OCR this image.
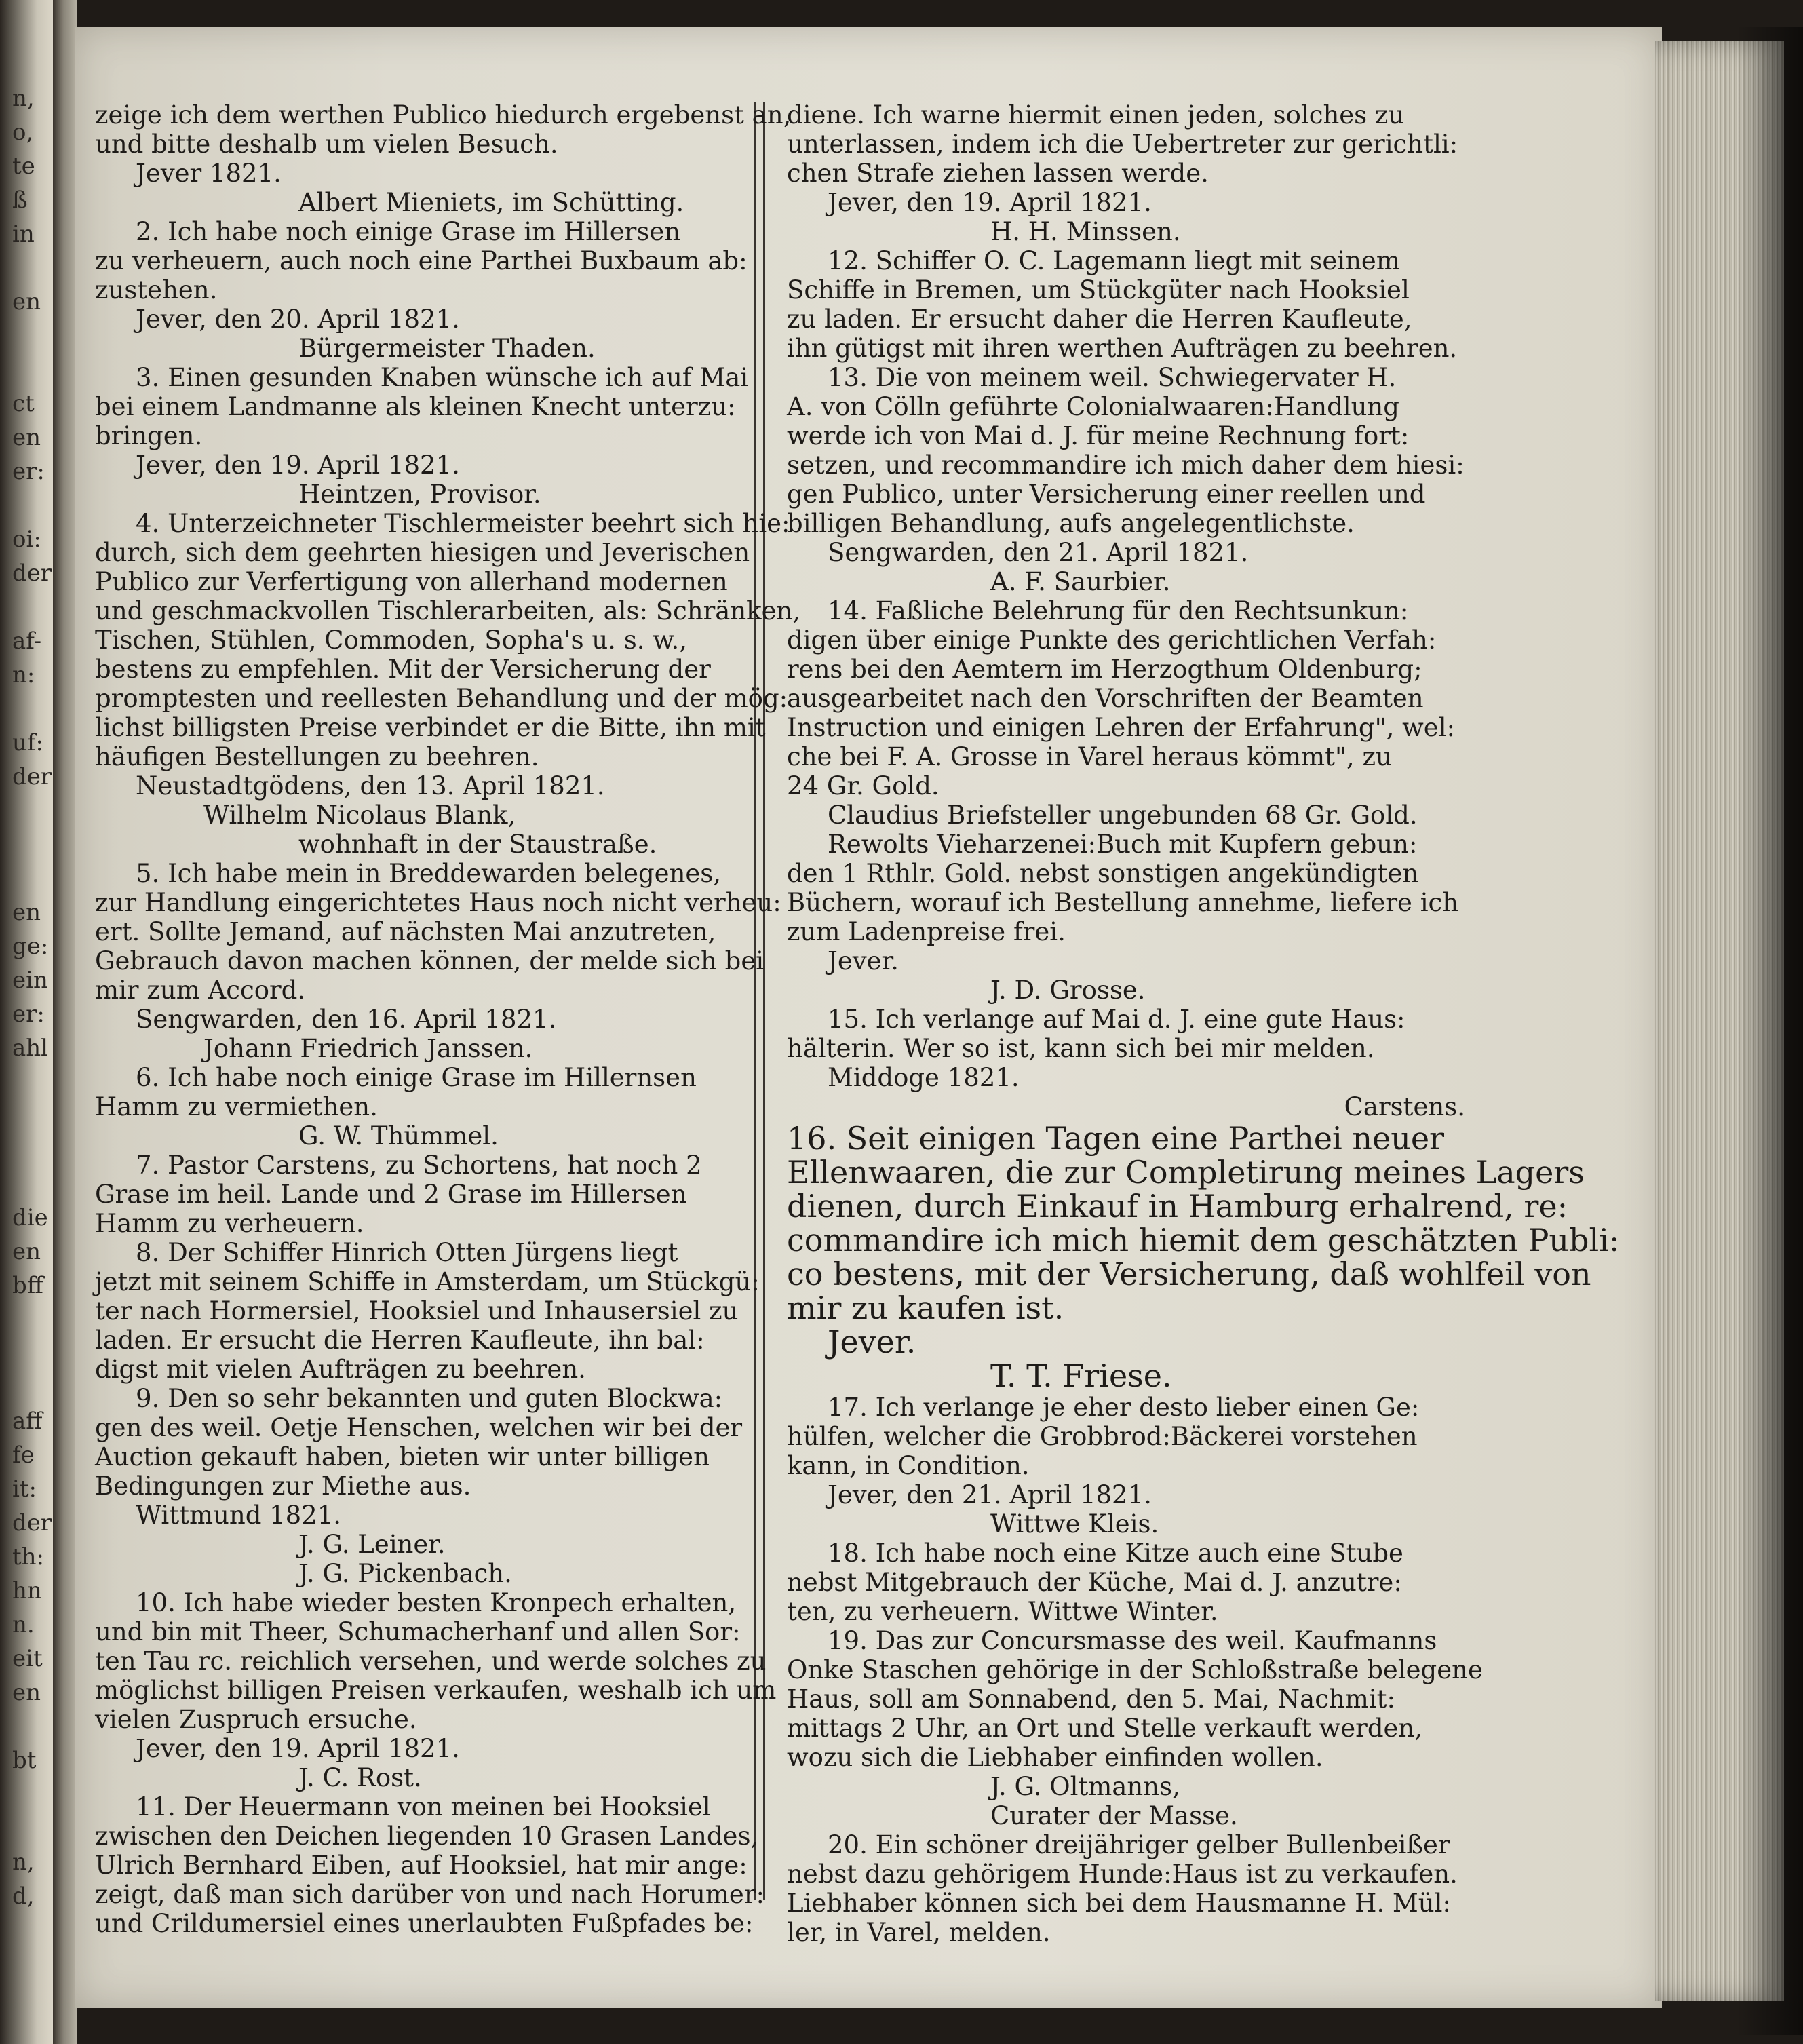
n,
o,
te
ß
in
en
ct
en
er:
oi:
der
af-
n:
uf:
der
en
ge:
ein
er:
ahl
die
en
bff
aff
fe
it:
der
th:
hn
n.
eit
en
bt
n,
d,

zeige ich dem werthen Publico hiedurch ergebenst an,

und bitte deshalb um vielen Besuch.

Jever 1821.

Albert Mieniets, im Schütting.

2. Ich habe noch einige Grase im Hillersen

zu verheuern, auch noch eine Parthei Buxbaum ab:

zustehen.

Jever, den 20. April 1821.

Bürgermeister Thaden.

3. Einen gesunden Knaben wünsche ich auf Mai

bei einem Landmanne als kleinen Knecht unterzu:

bringen.

Jever, den 19. April 1821.

Heintzen, Provisor.

4. Unterzeichneter Tischlermeister beehrt sich hie:

durch, sich dem geehrten hiesigen und Jeverischen

Publico zur Verfertigung von allerhand modernen

und geschmackvollen Tischlerarbeiten, als: Schränken,

Tischen, Stühlen, Commoden, Sopha's u. s. w.,

bestens zu empfehlen. Mit der Versicherung der

promptesten und reellesten Behandlung und der mög:

lichst billigsten Preise verbindet er die Bitte, ihn mit

häufigen Bestellungen zu beehren.

Neustadtgödens, den 13. April 1821.

Wilhelm Nicolaus Blank,

wohnhaft in der Staustraße.

5. Ich habe mein in Breddewarden belegenes,

zur Handlung eingerichtetes Haus noch nicht verheu:

ert. Sollte Jemand, auf nächsten Mai anzutreten,

Gebrauch davon machen können, der melde sich bei

mir zum Accord.

Sengwarden, den 16. April 1821.

Johann Friedrich Janssen.

6. Ich habe noch einige Grase im Hillernsen

Hamm zu vermiethen.

G. W. Thümmel.

7. Pastor Carstens, zu Schortens, hat noch 2

Grase im heil. Lande und 2 Grase im Hillersen

Hamm zu verheuern.

8. Der Schiffer Hinrich Otten Jürgens liegt

jetzt mit seinem Schiffe in Amsterdam, um Stückgü:

ter nach Hormersiel, Hooksiel und Inhausersiel zu

laden. Er ersucht die Herren Kaufleute, ihn bal:

digst mit vielen Aufträgen zu beehren.

9. Den so sehr bekannten und guten Blockwa:

gen des weil. Oetje Henschen, welchen wir bei der

Auction gekauft haben, bieten wir unter billigen

Bedingungen zur Miethe aus.

Wittmund 1821.

J. G. Leiner.

J. G. Pickenbach.

10. Ich habe wieder besten Kronpech erhalten,

und bin mit Theer, Schumacherhanf und allen Sor:

ten Tau rc. reichlich versehen, und werde solches zu

möglichst billigen Preisen verkaufen, weshalb ich um

vielen Zuspruch ersuche.

Jever, den 19. April 1821.

J. C. Rost.

11. Der Heuermann von meinen bei Hooksiel

zwischen den Deichen liegenden 10 Grasen Landes,

Ulrich Bernhard Eiben, auf Hooksiel, hat mir ange:

zeigt, daß man sich darüber von und nach Horumer:

und Crildumersiel eines unerlaubten Fußpfades be:

diene. Ich warne hiermit einen jeden, solches zu

unterlassen, indem ich die Uebertreter zur gerichtli:

chen Strafe ziehen lassen werde.

Jever, den 19. April 1821.

H. H. Minssen.

12. Schiffer O. C. Lagemann liegt mit seinem

Schiffe in Bremen, um Stückgüter nach Hooksiel

zu laden. Er ersucht daher die Herren Kaufleute,

ihn gütigst mit ihren werthen Aufträgen zu beehren.

13. Die von meinem weil. Schwiegervater H.

A. von Cölln geführte Colonialwaaren:Handlung

werde ich von Mai d. J. für meine Rechnung fort:

setzen, und recommandire ich mich daher dem hiesi:

gen Publico, unter Versicherung einer reellen und

billigen Behandlung, aufs angelegentlichste.

Sengwarden, den 21. April 1821.

A. F. Saurbier.

14. Faßliche Belehrung für den Rechtsunkun:

digen über einige Punkte des gerichtlichen Verfah:

rens bei den Aemtern im Herzogthum Oldenburg;

ausgearbeitet nach den Vorschriften der Beamten

Instruction und einigen Lehren der Erfahrung", wel:

che bei F. A. Grosse in Varel heraus kömmt", zu

24 Gr. Gold.

Claudius Briefsteller ungebunden 68 Gr. Gold.

Rewolts Vieharzenei:Buch mit Kupfern gebun:

den 1 Rthlr. Gold. nebst sonstigen angekündigten

Büchern, worauf ich Bestellung annehme, liefere ich

zum Ladenpreise frei.

Jever.

J. D. Grosse.

15. Ich verlange auf Mai d. J. eine gute Haus:

hälterin. Wer so ist, kann sich bei mir melden.

Middoge 1821.

Carstens.

16. Seit einigen Tagen eine Parthei neuer

Ellenwaaren, die zur Completirung meines Lagers

dienen, durch Einkauf in Hamburg erhalrend, re:

commandire ich mich hiemit dem geschätzten Publi:

co bestens, mit der Versicherung, daß wohlfeil von

mir zu kaufen ist.

Jever.

T. T. Friese.

17. Ich verlange je eher desto lieber einen Ge:

hülfen, welcher die Grobbrod:Bäckerei vorstehen

kann, in Condition.

Jever, den 21. April 1821.

Wittwe Kleis.

18. Ich habe noch eine Kitze auch eine Stube

nebst Mitgebrauch der Küche, Mai d. J. anzutre:

ten, zu verheuern. Wittwe Winter.

19. Das zur Concursmasse des weil. Kaufmanns

Onke Staschen gehörige in der Schloßstraße belegene

Haus, soll am Sonnabend, den 5. Mai, Nachmit:

mittags 2 Uhr, an Ort und Stelle verkauft werden,

wozu sich die Liebhaber einfinden wollen.

J. G. Oltmanns,

Curater der Masse.

20. Ein schöner dreijähriger gelber Bullenbeißer

nebst dazu gehörigem Hunde:Haus ist zu verkaufen.

Liebhaber können sich bei dem Hausmanne H. Mül:

ler, in Varel, melden.
